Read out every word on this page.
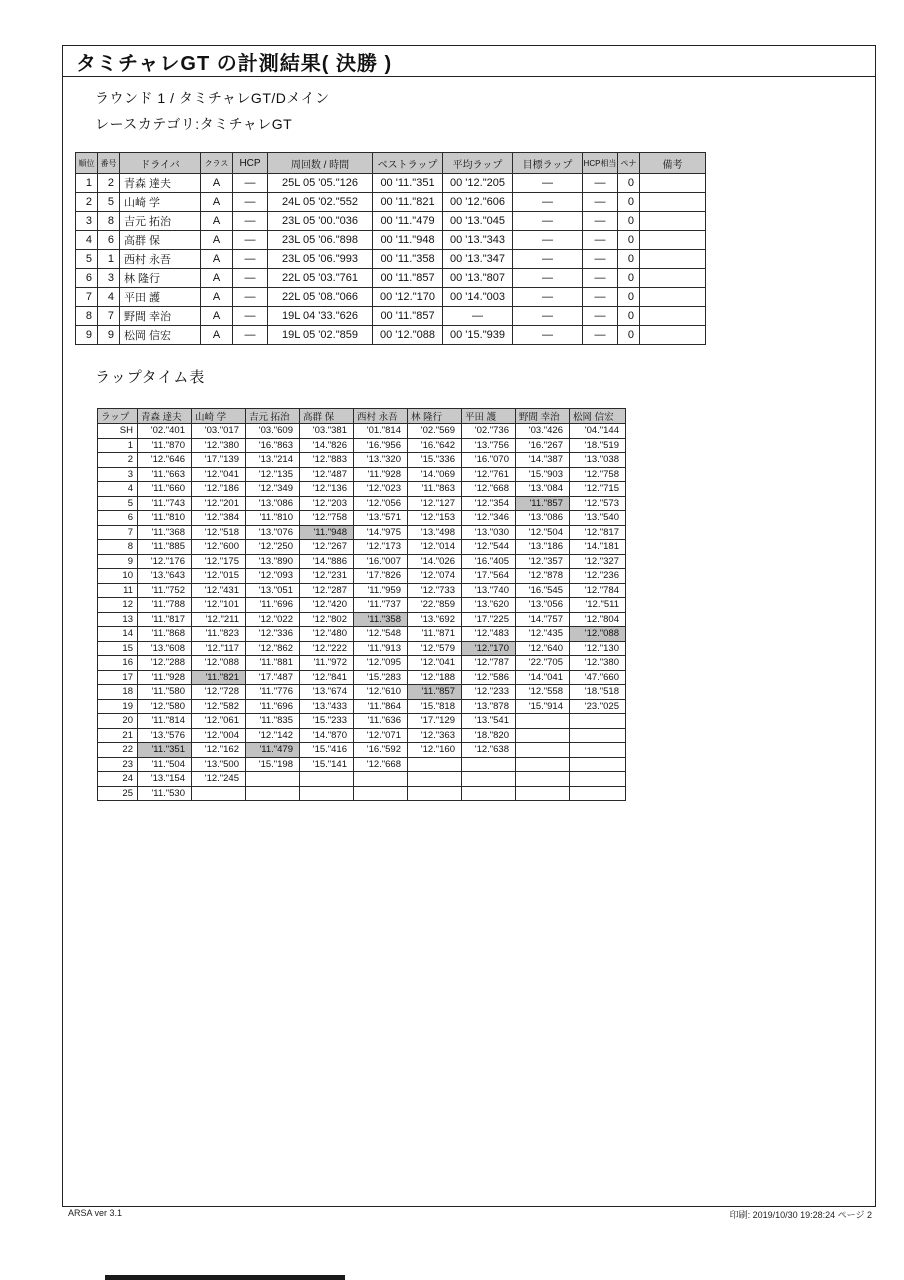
タミチャレGT の計測結果( 決勝 )
ラウンド 1 / タミチャレGT/Dメイン
レースカテゴリ:タミチャレGT
順位	番号	ドライバ	クラス	HCP	周回数 / 時間	ベストラップ	平均ラップ	目標ラップ	HCP相当	ペナ	備考
1	2	青森 達夫	A	—	25L 05 '05."126	00 '11."351	00 '12."205	—	—	0	
2	5	山崎 学	A	—	24L 05 '02."552	00 '11."821	00 '12."606	—	—	0	
3	8	吉元 拓治	A	—	23L 05 '00."036	00 '11."479	00 '13."045	—	—	0	
4	6	高群 保	A	—	23L 05 '06."898	00 '11."948	00 '13."343	—	—	0	
5	1	西村 永吾	A	—	23L 05 '06."993	00 '11."358	00 '13."347	—	—	0	
6	3	林 隆行	A	—	22L 05 '03."761	00 '11."857	00 '13."807	—	—	0	
7	4	平田 護	A	—	22L 05 '08."066	00 '12."170	00 '14."003	—	—	0	
8	7	野間 幸治	A	—	19L 04 '33."626	00 '11."857	—	—	—	0	
9	9	松岡 信宏	A	—	19L 05 '02."859	00 '12."088	00 '15."939	—	—	0	
ラップタイム表
ラップ	青森 達夫	山崎 学	吉元 拓治	高群 保	西村 永吾	林 隆行	平田 護	野間 幸治	松岡 信宏
SH	'02."401	'03."017	'03."609	'03."381	'01."814	'02."569	'02."736	'03."426	'04."144
1	'11."870	'12."380	'16."863	'14."826	'16."956	'16."642	'13."756	'16."267	'18."519
2	'12."646	'17."139	'13."214	'12."883	'13."320	'15."336	'16."070	'14."387	'13."038
3	'11."663	'12."041	'12."135	'12."487	'11."928	'14."069	'12."761	'15."903	'12."758
4	'11."660	'12."186	'12."349	'12."136	'12."023	'11."863	'12."668	'13."084	'12."715
5	'11."743	'12."201	'13."086	'12."203	'12."056	'12."127	'12."354	'11."857	'12."573
6	'11."810	'12."384	'11."810	'12."758	'13."571	'12."153	'12."346	'13."086	'13."540
7	'11."368	'12."518	'13."076	'11."948	'14."975	'13."498	'13."030	'12."504	'12."817
8	'11."885	'12."600	'12."250	'12."267	'12."173	'12."014	'12."544	'13."186	'14."181
9	'12."176	'12."175	'13."890	'14."886	'16."007	'14."026	'16."405	'12."357	'12."327
10	'13."643	'12."015	'12."093	'12."231	'17."826	'12."074	'17."564	'12."878	'12."236
11	'11."752	'12."431	'13."051	'12."287	'11."959	'12."733	'13."740	'16."545	'12."784
12	'11."788	'12."101	'11."696	'12."420	'11."737	'22."859	'13."620	'13."056	'12."511
13	'11."817	'12."211	'12."022	'12."802	'11."358	'13."692	'17."225	'14."757	'12."804
14	'11."868	'11."823	'12."336	'12."480	'12."548	'11."871	'12."483	'12."435	'12."088
15	'13."608	'12."117	'12."862	'12."222	'11."913	'12."579	'12."170	'12."640	'12."130
16	'12."288	'12."088	'11."881	'11."972	'12."095	'12."041	'12."787	'22."705	'12."380
17	'11."928	'11."821	'17."487	'12."841	'15."283	'12."188	'12."586	'14."041	'47."660
18	'11."580	'12."728	'11."776	'13."674	'12."610	'11."857	'12."233	'12."558	'18."518
19	'12."580	'12."582	'11."696	'13."433	'11."864	'15."818	'13."878	'15."914	'23."025
20	'11."814	'12."061	'11."835	'15."233	'11."636	'17."129	'13."541		
21	'13."576	'12."004	'12."142	'14."870	'12."071	'12."363	'18."820		
22	'11."351	'12."162	'11."479	'15."416	'16."592	'12."160	'12."638		
23	'11."504	'13."500	'15."198	'15."141	'12."668				
24	'13."154	'12."245							
25	'11."530								
ARSA ver 3.1	印刷: 2019/10/30 19:28:24 ページ 2
